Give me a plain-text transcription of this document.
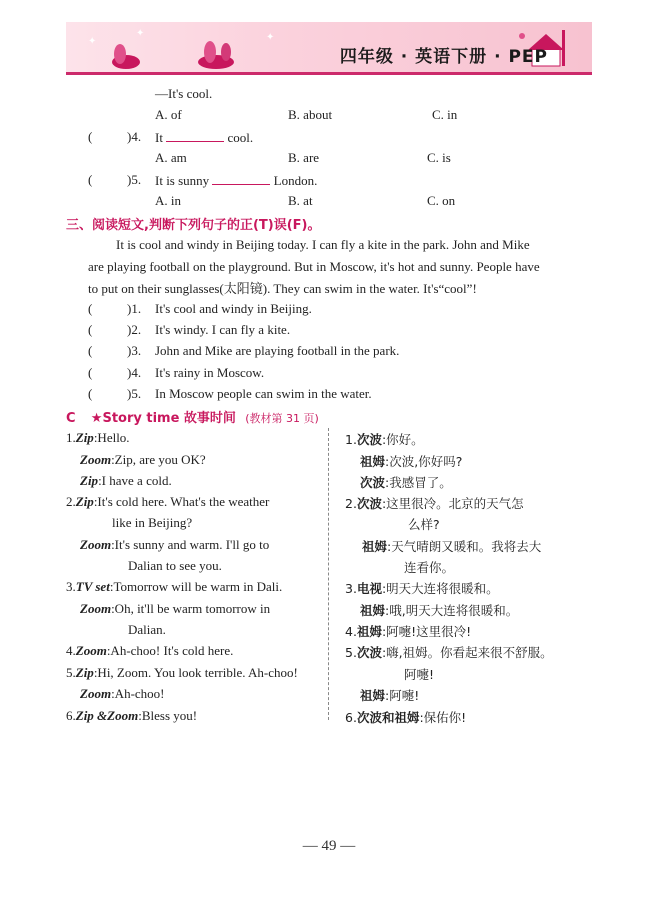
✦
✦	✦
四年级 · 英语下册 · PEP
—It's cool.
A. of	B. about	C. in
(	)4. It	cool.
A. am	B. are	C. is
(	)5. It is sunny	London.
A. in	B. at	C. on
三、阅读短文,判断下列句子的正(T)误(F)。
It is cool and windy in Beijing today. I can fly a kite in the park. John and Mike
are playing football on the playground. But in Moscow, it's hot and sunny. People have
to put on their sunglasses(太阳镜). They can swim in the water. It's“cool”!
(	)1. It's cool and windy in Beijing.
(	)2. It's windy. I can fly a kite.
(	)3. John and Mike are playing football in the park.
(	)4. It's rainy in Moscow.
(	)5. In Moscow people can swim in the water.
C ★Story time 故事时间 (教材第 31 页)
1.Zip:Hello.
Zoom:Zip, are you OK?
Zip:I have a cold.
2.Zip:It's cold here. What's the weather
like in Beijing?
Zoom:It's sunny and warm. I'll go to
Dalian to see you.
3.TV set:Tomorrow will be warm in Dali.
Zoom:Oh, it'll be warm tomorrow in
Dalian.
4.Zoom:Ah-choo! It's cold here.
5.Zip:Hi, Zoom. You look terrible. Ah-choo!
Zoom:Ah-choo!
6.Zip &Zoom:Bless you!
1.次波:你好。
祖姆:次波,你好吗?
次波:我感冒了。
2.次波:这里很冷。北京的天气怎
么样?
祖姆:天气晴朗又暖和。我将去大
连看你。
3.电视:明天大连将很暖和。
祖姆:哦,明天大连将很暖和。
4.祖姆:阿嚏!这里很冷!
5.次波:嗨,祖姆。你看起来很不舒服。
阿嚏!
祖姆:阿嚏!
6.次波和祖姆:保佑你!
— 49 —
